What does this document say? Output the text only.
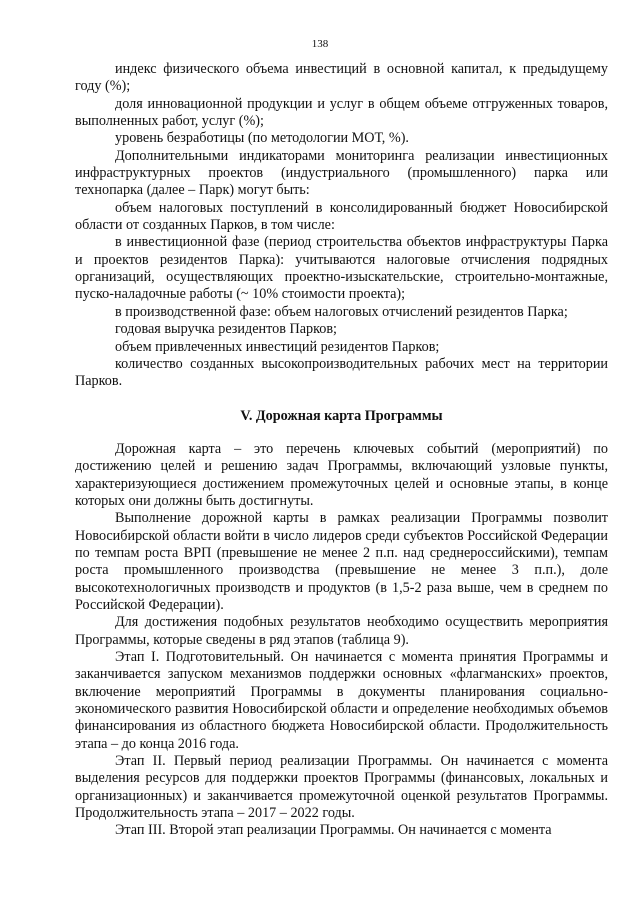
138

индекс физического объема инвестиций в основной капитал, к предыдущему году (%);

доля инновационной продукции и услуг в общем объеме отгруженных товаров, выполненных работ, услуг (%);

уровень безработицы (по методологии МОТ, %).

Дополнительными индикаторами мониторинга реализации инвестиционных инфраструктурных проектов (индустриального (промышленного) парка или технопарка (далее – Парк) могут быть:

объем налоговых поступлений в консолидированный бюджет Новосибирской области от созданных Парков, в том числе:

в инвестиционной фазе (период строительства объектов инфраструктуры Парка и проектов резидентов Парка): учитываются налоговые отчисления подрядных организаций, осуществляющих проектно-изыскательские, строительно-монтажные, пуско-наладочные работы (~ 10% стоимости проекта);

в производственной фазе: объем налоговых отчислений резидентов Парка;

годовая выручка резидентов Парков;

объем привлеченных инвестиций резидентов Парков;

количество созданных высокопроизводительных рабочих мест на территории Парков.

V. Дорожная карта Программы

Дорожная карта – это перечень ключевых событий (мероприятий) по достижению целей и решению задач Программы, включающий узловые пункты, характеризующиеся достижением промежуточных целей и основные этапы, в конце которых они должны быть достигнуты.

Выполнение дорожной карты в рамках реализации Программы позволит Новосибирской области войти в число лидеров среди субъектов Российской Федерации по темпам роста ВРП (превышение не менее 2 п.п. над среднероссийскими), темпам роста промышленного производства (превышение не менее 3 п.п.), доле высокотехнологичных производств и продуктов (в 1,5-2 раза выше, чем в среднем по Российской Федерации).

Для достижения подобных результатов необходимо осуществить мероприятия Программы, которые сведены в ряд этапов (таблица 9).

Этап I. Подготовительный. Он начинается с момента принятия Программы и заканчивается запуском механизмов поддержки основных «флагманских» проектов, включение мероприятий Программы в документы планирования социально-экономического развития Новосибирской области и определение необходимых объемов финансирования из областного бюджета Новосибирской области. Продолжительность этапа – до конца 2016 года.

Этап II. Первый период реализации Программы. Он начинается с момента выделения ресурсов для поддержки проектов Программы (финансовых, локальных и организационных) и заканчивается промежуточной оценкой результатов Программы. Продолжительность этапа – 2017 – 2022 годы.

Этап III. Второй этап реализации Программы. Он начинается с момента
